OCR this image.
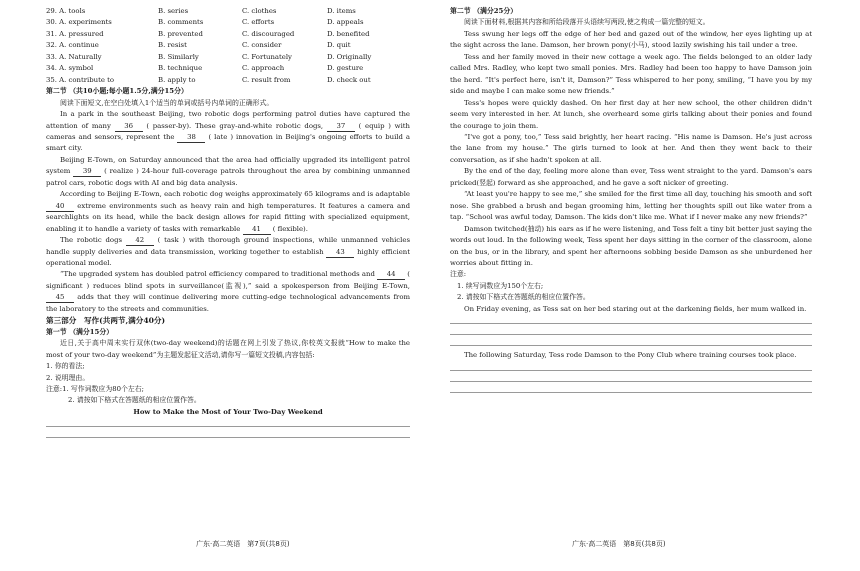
29. A. tools	B. series	C. clothes	D. items
30. A. experiments	B. comments	C. efforts	D. appeals
31. A. pressured	B. prevented	C. discouraged	D. benefited
32. A. continue	B. resist	C. consider	D. quit
33. A. Naturally	B. Similarly	C. Fortunately	D. Originally
34. A. symbol	B. technique	C. approach	D. gesture
35. A. contribute to	B. apply to	C. result from	D. check out
第二节 （共10小题;每小题1.5分,满分15分）

阅读下面短文,在空白处填入1个适当的单词或括号内单词的正确形式。

In a park in the southeast Beijing, two robotic dogs performing patrol duties have captured the attention of many 36 ( passer-by). These gray-and-white robotic dogs, 37 ( equip ) with cameras and sensors, represent the 38 ( late ) innovation in Beijing's ongoing efforts to build a smart city.

Beijing E-Town, on Saturday announced that the area had officially upgraded its intelligent patrol system 39 ( realize ) 24-hour full-coverage patrols throughout the area by combining unmanned patrol cars, robotic dogs with AI and big data analysis.

According to Beijing E-Town, each robotic dog weighs approximately 65 kilograms and is adaptable 40 extreme environments such as heavy rain and high temperatures. It features a camera and searchlights on its head, while the back design allows for rapid fitting with specialized equipment, enabling it to handle a variety of tasks with remarkable 41 ( flexible).

The robotic dogs 42 ( task ) with thorough ground inspections, while unmanned vehicles handle supply deliveries and data transmission, working together to establish 43 highly efficient operational model.

“The upgraded system has doubled patrol efficiency compared to traditional methods and 44 ( significant ) reduces blind spots in surveillance(监视),” said a spokesperson from Beijing E-Town, 45 adds that they will continue delivering more cutting-edge technological advancements from the laboratory to the streets and communities.

第三部分　写作(共两节,满分40分)
第一节 （满分15分）

近日,关于高中周末实行双休(two-day weekend)的话题在网上引发了热议,你校英文报就“How to make the most of your two-day weekend”为主题发起征文活动,请你写一篇短文投稿,内容包括:

1. 你的看法;
2. 说明理由。
注意:1. 写作词数应为80个左右;
2. 请按如下格式在答题纸的相应位置作答。

How to Make the Most of Your Two-Day Weekend

广东·高二英语　第7页(共8页)
第二节 （满分25分）

阅读下面材料,根据其内容和所给段落开头语续写两段,使之构成一篇完整的短文。

Tess swung her legs off the edge of her bed and gazed out of the window, her eyes lighting up at the sight across the lane. Damson, her brown pony(小马), stood lazily swishing his tail under a tree.

Tess and her family moved in their new cottage a week ago. The fields belonged to an older lady called Mrs. Radley, who kept two small ponies. Mrs. Radley had been too happy to have Damson join the herd. “It's perfect here, isn't it, Damson?” Tess whispered to her pony, smiling, “I have you by my side and maybe I can make some new friends.”

Tess's hopes were quickly dashed. On her first day at her new school, the other children didn't seem very interested in her. At lunch, she overheard some girls talking about their ponies and found the courage to join them.

“I've got a pony, too,” Tess said brightly, her heart racing. “His name is Damson. He's just across the lane from my house.” The girls turned to look at her. And then they went back to their conversation, as if she hadn't spoken at all.

By the end of the day, feeling more alone than ever, Tess went straight to the yard. Damson's ears pricked(竖起) forward as she approached, and he gave a soft nicker of greeting.

“At least you're happy to see me,” she smiled for the first time all day, touching his smooth and soft nose. She grabbed a brush and began grooming him, letting her thoughts spill out like water from a tap. “School was awful today, Damson. The kids don't like me. What if I never make any new friends?”

Damson twitched(抽动) his ears as if he were listening, and Tess felt a tiny bit better just saying the words out loud. In the following week, Tess spent her days sitting in the corner of the classroom, alone on the bus, or in the library, and spent her afternoons sobbing beside Damson as she unburdened her worries about fitting in.

注意:
1. 续写词数应为150个左右;
2. 请按如下格式在答题纸的相应位置作答。

On Friday evening, as Tess sat on her bed staring out at the darkening fields, her mum walked in.

The following Saturday, Tess rode Damson to the Pony Club where training courses took place.

广东·高二英语　第8页(共8页)
